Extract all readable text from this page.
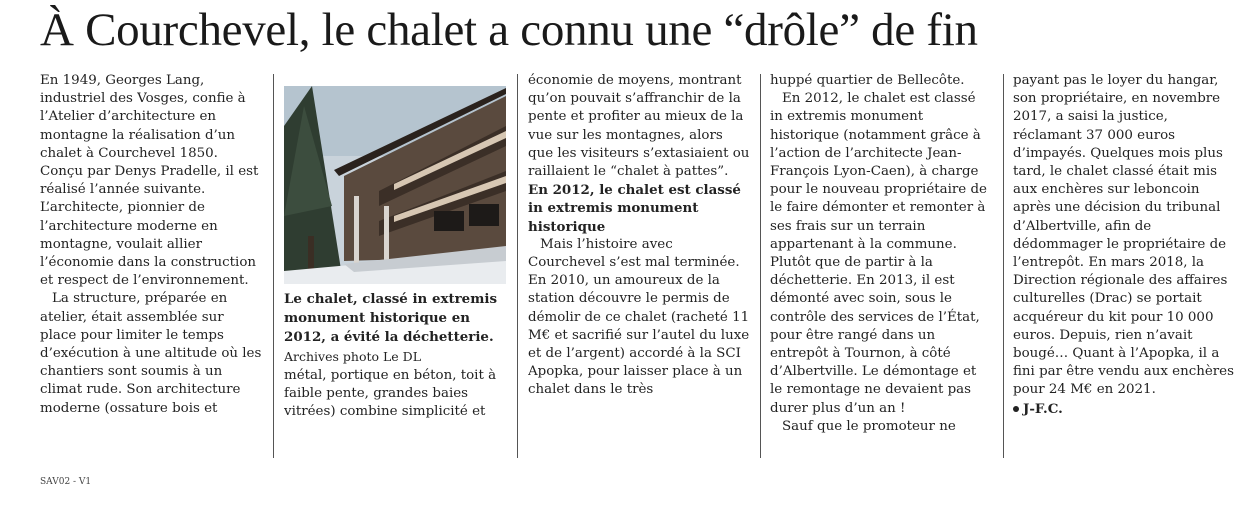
À Courchevel, le chalet a connu une “drôle” de fin

En 1949, Georges Lang, industriel des Vosges, confie à l’Atelier d’architecture en montagne la réalisation d’un chalet à Courchevel 1850. Conçu par Denys Pradelle, il est réalisé l’année suivante. L’architecte, pionnier de l’architecture moderne en montagne, voulait allier l’économie dans la construction et respect de l’environnement.

La structure, préparée en atelier, était assemblée sur place pour limiter le temps d’exécution à une altitude où les chantiers sont soumis à un climat rude. Son architecture moderne (ossature bois et

Le chalet, classé in extremis monument historique en 2012, a évité la déchetterie. Archives photo Le DL

métal, portique en béton, toit à faible pente, grandes baies vitrées) combine simplicité et

économie de moyens, montrant qu’on pouvait s’affranchir de la pente et profiter au mieux de la vue sur les montagnes, alors que les visiteurs s’extasiaient ou raillaient le “chalet à pattes”.

En 2012, le chalet est classé in extremis monument historique

Mais l’histoire avec Courchevel s’est mal terminée. En 2010, un amoureux de la station découvre le permis de démolir de ce chalet (racheté 11 M€ et sacrifié sur l’autel du luxe et de l’argent) accordé à la SCI Apopka, pour laisser place à un chalet dans le très

huppé quartier de Bellecôte.

En 2012, le chalet est classé in extremis monument historique (notamment grâce à l’action de l’architecte Jean-François Lyon-Caen), à charge pour le nouveau propriétaire de le faire démonter et remonter à ses frais sur un terrain appartenant à la commune. Plutôt que de partir à la déchetterie. En 2013, il est démonté avec soin, sous le contrôle des services de l’État, pour être rangé dans un entrepôt à Tournon, à côté d’Albertville. Le démontage et le remontage ne devaient pas durer plus d’un an !

Sauf que le promoteur ne

payant pas le loyer du hangar, son propriétaire, en novembre 2017, a saisi la justice, réclamant 37 000 euros d’impayés. Quelques mois plus tard, le chalet classé était mis aux enchères sur leboncoin après une décision du tribunal d’Albertville, afin de dédommager le propriétaire de l’entrepôt. En mars 2018, la Direction régionale des affaires culturelles (Drac) se portait acquéreur du kit pour 10 000 euros. Depuis, rien n’avait bougé… Quant à l’Apopka, il a fini par être vendu aux enchères pour 24 M€ en 2021.

J-F.C.

SAV02 - V1
